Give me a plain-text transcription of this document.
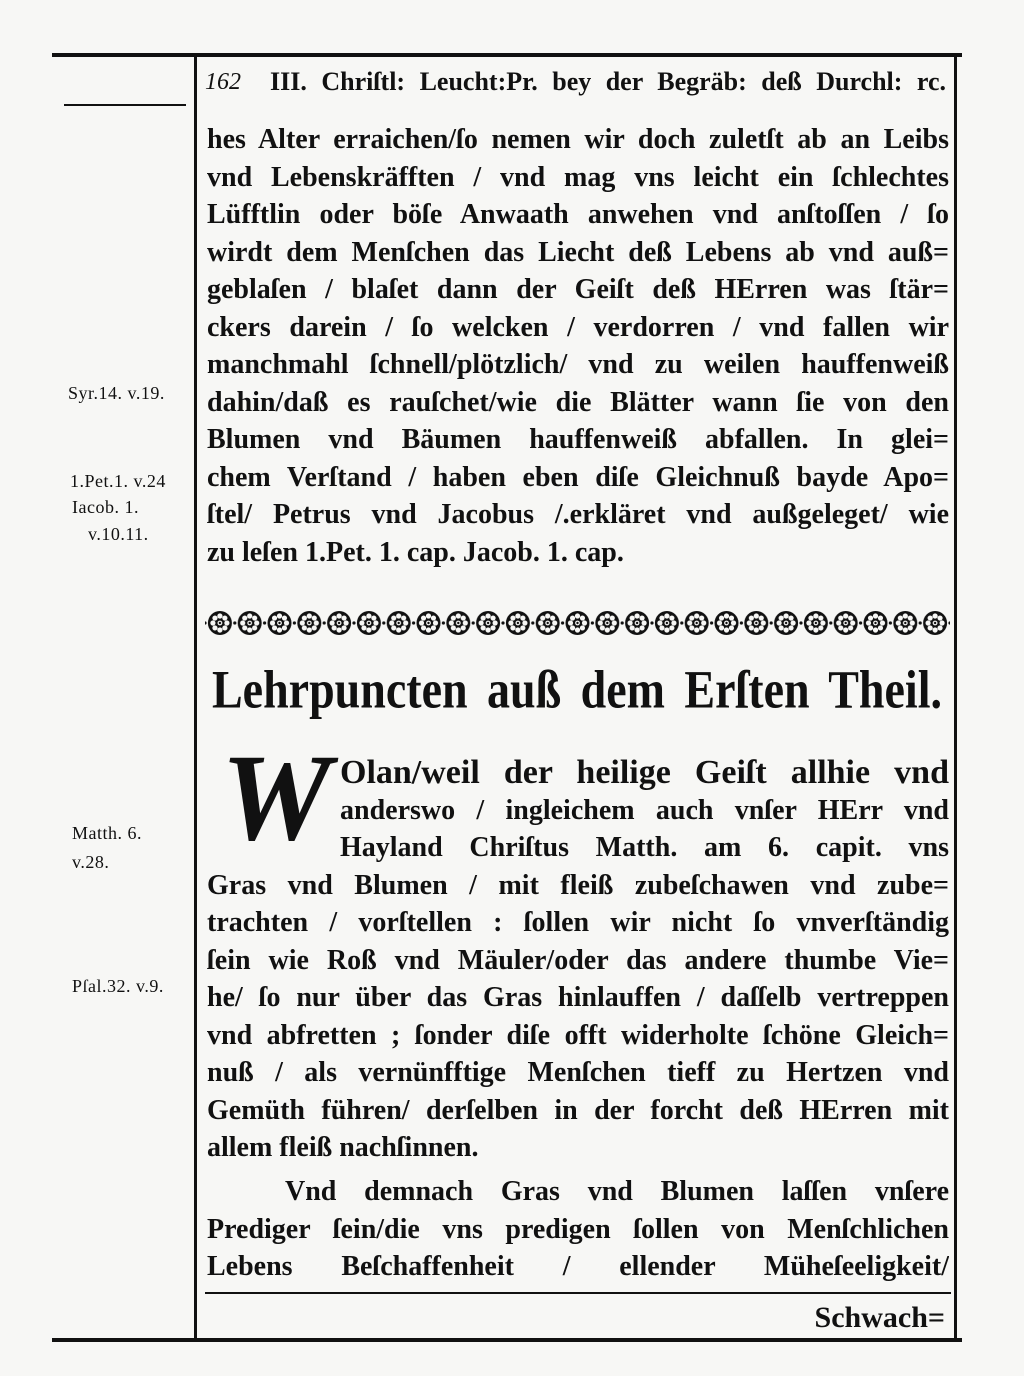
162 III. Chriſtl: Leucht:Pr. bey der Begräb: deß Durchl: rc.
Syr.14. v.19.
1.Pet.1. v.24
Iacob. 1.
v.10.11.
Matth. 6.
v.28.
Pſal.32. v.9.
hes Alter erraichen/ſo nemen wir doch zuletſt ab an Leibs
vnd Lebenskräfften / vnd mag vns leicht ein ſchlechtes
Lüfftlin oder böſe Anwaath anwehen vnd anſtoſſen / ſo
wirdt dem Menſchen das Liecht deß Lebens ab vnd auß=
geblaſen / blaſet dann der Geiſt deß HErren was ſtär=
ckers darein / ſo welcken / verdorren / vnd fallen wir
manchmahl ſchnell/plötzlich/ vnd zu weilen hauffenweiß
dahin/daß es rauſchet/wie die Blätter wann ſie von den
Blumen vnd Bäumen hauffenweiß abfallen. In glei=
chem Verſtand / haben eben diſe Gleichnuß bayde Apo=
ſtel/ Petrus vnd Jacobus /.erkläret vnd außgeleget/ wie
zu leſen 1.Pet. 1. cap. Jacob. 1. cap.
Lehrpuncten auß dem Erſten Theil.
W Olan/weil der heilige Geiſt allhie vnd
anderswo / ingleichem auch vnſer HErr vnd
Hayland Chriſtus Matth. am 6. capit. vns
Gras vnd Blumen / mit fleiß zubeſchawen vnd zube=
trachten / vorſtellen : ſollen wir nicht ſo vnverſtändig
ſein wie Roß vnd Mäuler/oder das andere thumbe Vie=
he/ ſo nur über das Gras hinlauffen / daſſelb vertreppen
vnd abfretten ; ſonder diſe offt widerholte ſchöne Gleich=
nuß / als vernünfftige Menſchen tieff zu Hertzen vnd
Gemüth führen/ derſelben in der forcht deß HErren mit
allem fleiß nachſinnen.
Vnd demnach Gras vnd Blumen laſſen vnſere
Prediger ſein/die vns predigen ſollen von Menſchlichen
Lebens Beſchaffenheit / ellender Müheſeeligkeit/
Schwach=
